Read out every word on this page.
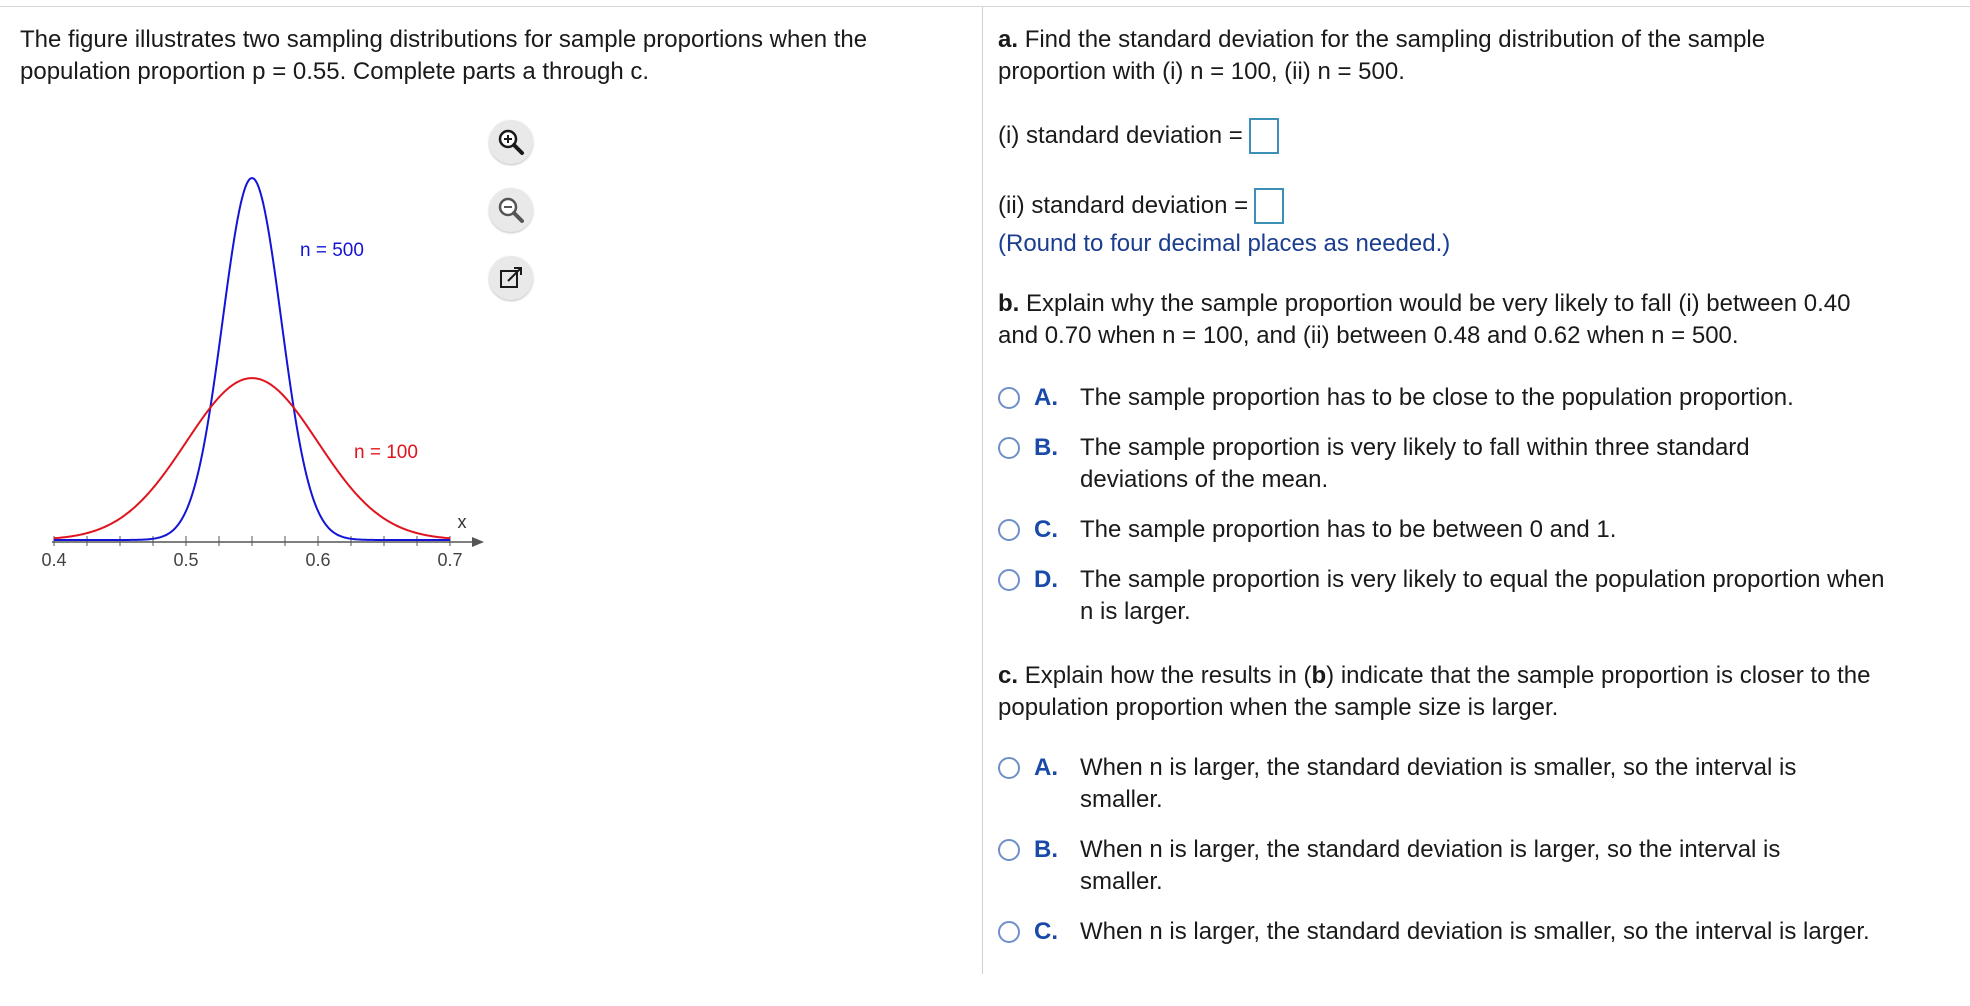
The figure illustrates two sampling distributions for sample proportions when the

population proportion p = 0.55. Complete parts a through c.

x
0.4	0.5	0.6	0.7
n = 500
n = 100

a. Find the standard deviation for the sampling distribution of the sample
proportion with (i) n = 100, (ii) n = 500.

(i) standard deviation =
(ii) standard deviation =
(Round to four decimal places as needed.)

b. Explain why the sample proportion would be very likely to fall (i) between 0.40
and 0.70 when n = 100, and (ii) between 0.48 and 0.62 when n = 500.

A. The sample proportion has to be close to the population proportion.
B. The sample proportion is very likely to fall within three standard deviations of the mean.
C. The sample proportion has to be between 0 and 1.
D. The sample proportion is very likely to equal the population proportion when n is larger.

c. Explain how the results in (b) indicate that the sample proportion is closer to the
population proportion when the sample size is larger.

A. When n is larger, the standard deviation is smaller, so the interval is smaller.
B. When n is larger, the standard deviation is larger, so the interval is smaller.
C. When n is larger, the standard deviation is smaller, so the interval is larger.
